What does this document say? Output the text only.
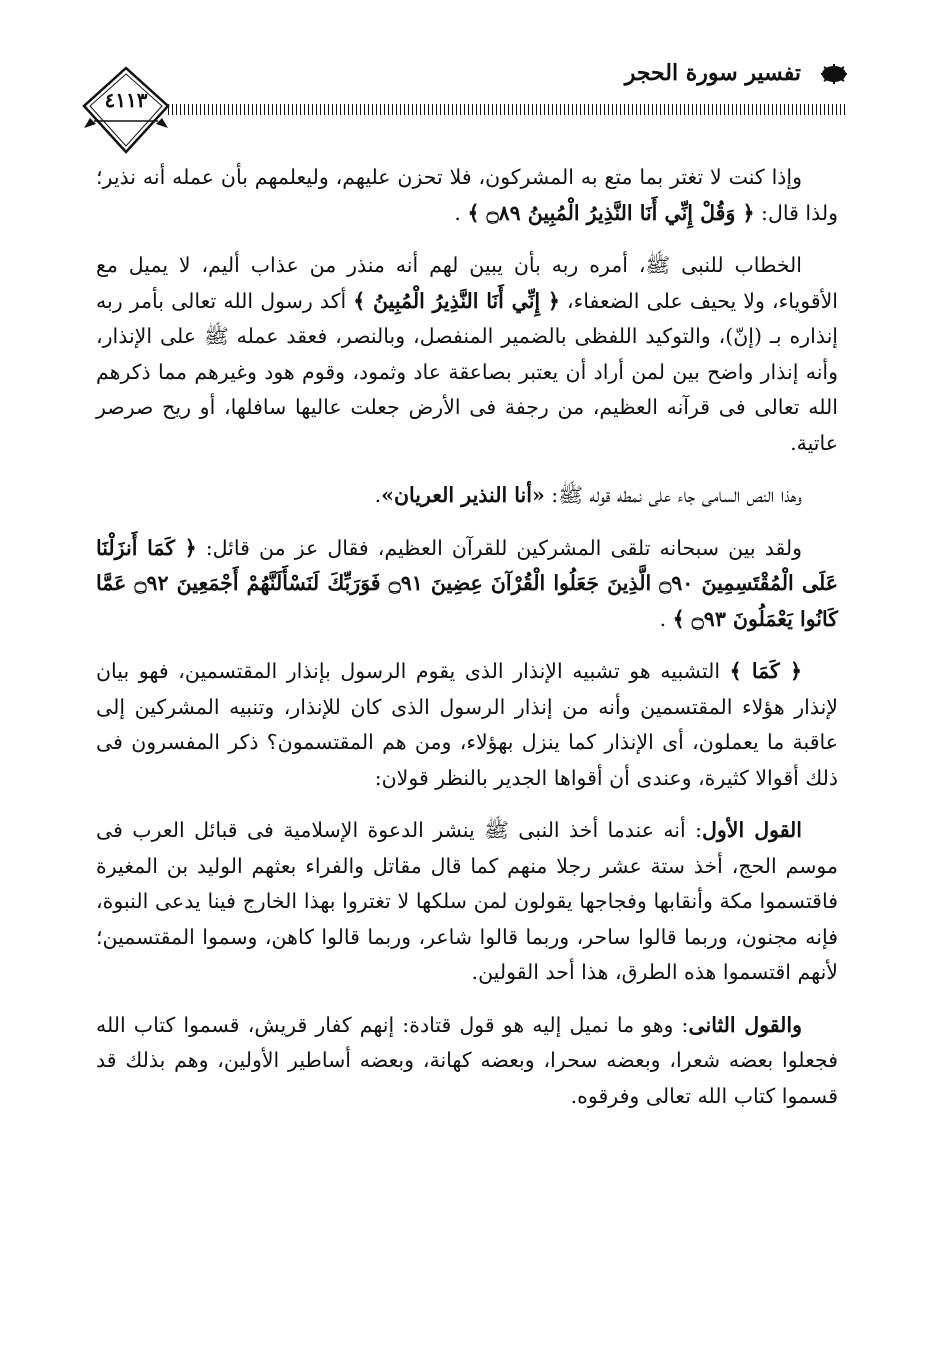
تفسير سورة الحجر
٤١١٣

وإذا كنت لا تغتر بما متع به المشركون، فلا تحزن عليهم، وليعلمهم بأن عمله أنه نذير؛ ولذا قال: ﴿ وَقُلْ إِنِّي أَنَا النَّذِيرُ الْمُبِينُ ۝٨٩ ﴾ .

الخطاب للنبى ﷺ، أمره ربه بأن يبين لهم أنه منذر من عذاب أليم، لا يميل مع الأقوياء، ولا يحيف على الضعفاء، ﴿ إِنِّي أَنَا النَّذِيرُ الْمُبِينُ ﴾ أكد رسول الله تعالى بأمر ربه إنذاره بـ (إنّ)، والتوكيد اللفظى بالضمير المنفصل، وبالنصر، فعقد عمله ﷺ على الإنذار، وأنه إنذار واضح بين لمن أراد أن يعتبر بصاعقة عاد وثمود، وقوم هود وغيرهم مما ذكرهم الله تعالى فى قرآنه العظيم، من رجفة فى الأرض جعلت عاليها سافلها، أو ريح صرصر عاتية.

وهذا النص السامى جاء على نمطه قوله ﷺ: «أنا النذير العريان».

ولقد بين سبحانه تلقى المشركين للقرآن العظيم، فقال عز من قائل: ﴿ كَمَا أَنزَلْنَا عَلَى الْمُقْتَسِمِينَ ۝٩٠ الَّذِينَ جَعَلُوا الْقُرْآنَ عِضِينَ ۝٩١ فَوَرَبِّكَ لَنَسْأَلَنَّهُمْ أَجْمَعِينَ ۝٩٢ عَمَّا كَانُوا يَعْمَلُونَ ۝٩٣ ﴾ .

﴿ كَمَا ﴾ التشبيه هو تشبيه الإنذار الذى يقوم الرسول بإنذار المقتسمين، فهو بيان لإنذار هؤلاء المقتسمين وأنه من إنذار الرسول الذى كان للإنذار، وتنبيه المشركين إلى عاقبة ما يعملون، أى الإنذار كما ينزل بهؤلاء، ومن هم المقتسمون؟ ذكر المفسرون فى ذلك أقوالا كثيرة، وعندى أن أقواها الجدير بالنظر قولان:

القول الأول: أنه عندما أخذ النبى ﷺ ينشر الدعوة الإسلامية فى قبائل العرب فى موسم الحج، أخذ ستة عشر رجلا منهم كما قال مقاتل والفراء بعثهم الوليد بن المغيرة فاقتسموا مكة وأنقابها وفجاجها يقولون لمن سلكها لا تغتروا بهذا الخارج فينا يدعى النبوة، فإنه مجنون، وربما قالوا ساحر، وربما قالوا شاعر، وربما قالوا كاهن، وسموا المقتسمين؛ لأنهم اقتسموا هذه الطرق، هذا أحد القولين.

والقول الثانى: وهو ما نميل إليه هو قول قتادة: إنهم كفار قريش، قسموا كتاب الله فجعلوا بعضه شعرا، وبعضه سحرا، وبعضه كهانة، وبعضه أساطير الأولين، وهم بذلك قد قسموا كتاب الله تعالى وفرقوه.
